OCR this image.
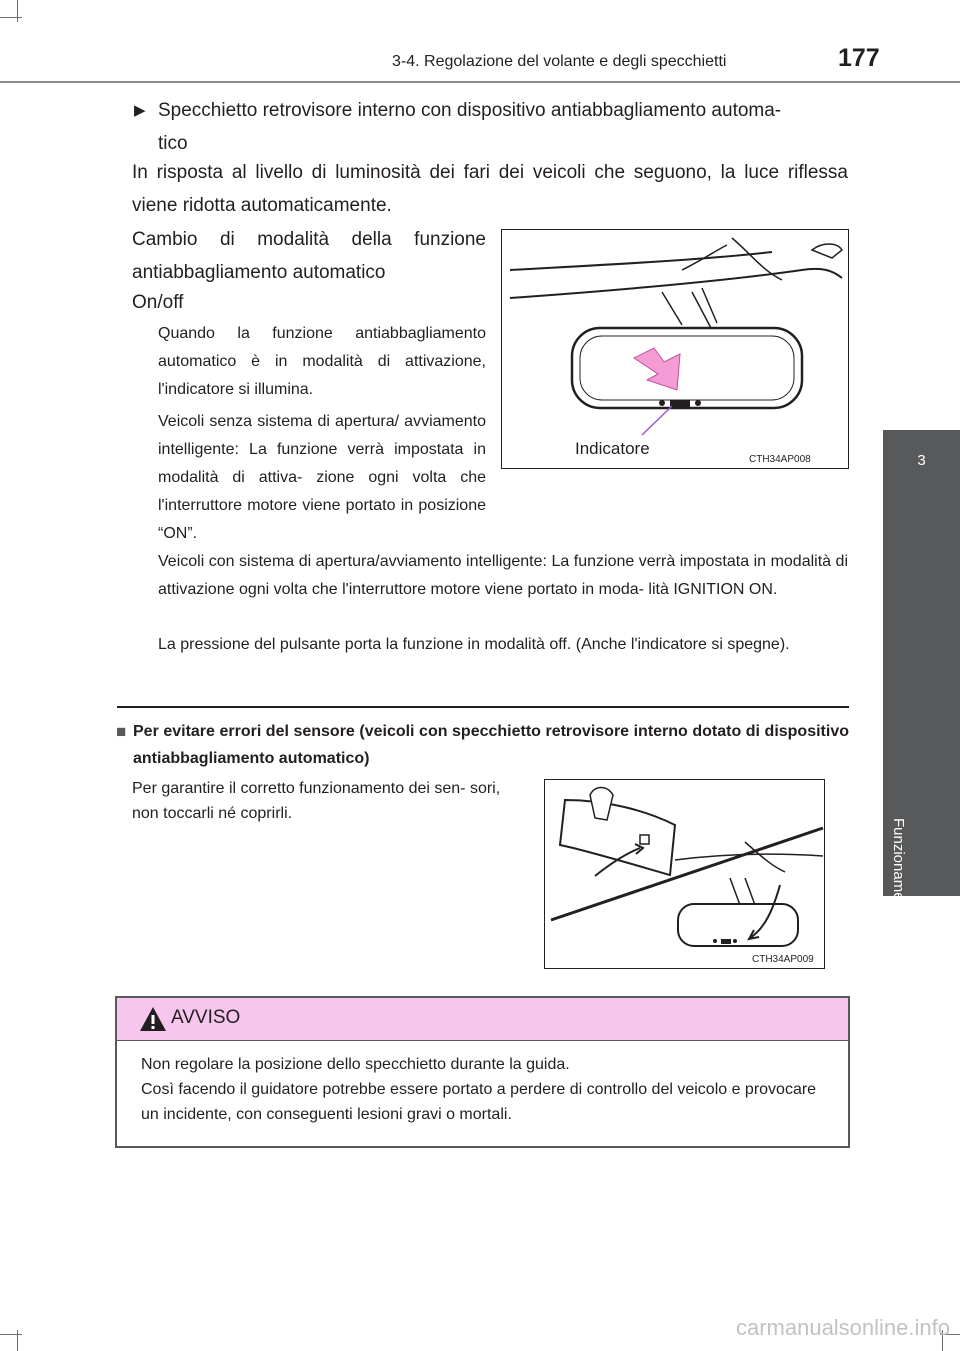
3-4. Regolazione del volante e degli specchietti	177
3
Funzionamento di ciascun componente
▶ Specchietto retrovisore interno con dispositivo antiabbagliamento automa-
tico
In risposta al livello di luminosità dei fari dei veicoli che seguono, la luce riflessa viene ridotta automaticamente.
Cambio di modalità della funzione antiabbagliamento automatico
On/off
Quando la funzione antiabbagliamento automatico è in modalità di attivazione, l'indicatore si illumina.
Veicoli senza sistema di apertura/ avviamento intelligente: La funzione verrà impostata in modalità di attiva- zione ogni volta che l'interruttore motore viene portato in posizione “ON”.
Veicoli con sistema di apertura/avviamento intelligente: La funzione verrà impostata in modalità di attivazione ogni volta che l'interruttore motore viene portato in moda- lità IGNITION ON.
La pressione del pulsante porta la funzione in modalità off. (Anche l'indicatore si spegne).
Indicatore
CTH34AP008
■ Per evitare errori del sensore (veicoli con specchietto retrovisore interno dotato di dispositivo antiabbagliamento automatico)
Per garantire il corretto funzionamento dei sen- sori, non toccarli né coprirli.
CTH34AP009
AVVISO
Non regolare la posizione dello specchietto durante la guida.
Così facendo il guidatore potrebbe essere portato a perdere di controllo del veicolo e provocare un incidente, con conseguenti lesioni gravi o mortali.
carmanualsonline.info
